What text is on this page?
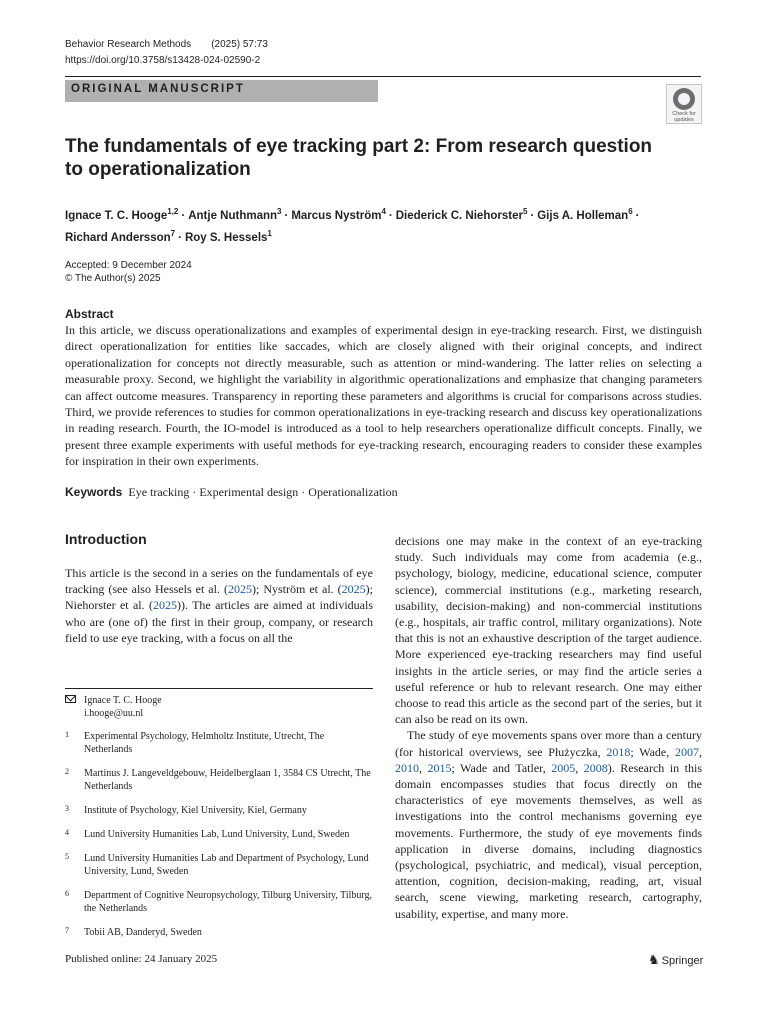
Behavior Research Methods (2025) 57:73
https://doi.org/10.3758/s13428-024-02590-2
ORIGINAL MANUSCRIPT
Check for
updates
The fundamentals of eye tracking part 2: From research question to operationalization
Ignace T. C. Hooge$^{1,2}$ · Antje Nuthmann$^3$ · Marcus Nyström$^4$ · Diederick C. Niehorster$^5$ · Gijs A. Holleman$^6$ ·
Richard Andersson$^7$ · Roy S. Hessels$^1$
Accepted: 9 December 2024
© The Author(s) 2025
Abstract

In this article, we discuss operationalizations and examples of experimental design in eye-tracking research. First, we distinguish direct operationalization for entities like saccades, which are closely aligned with their original concepts, and indirect operationalization for concepts not directly measurable, such as attention or mind-wandering. The latter relies on selecting a measurable proxy. Second, we highlight the variability in algorithmic operationalizations and emphasize that changing parameters can affect outcome measures. Transparency in reporting these parameters and algorithms is crucial for comparisons across studies. Third, we provide references to studies for common operationalizations in eye-tracking research and discuss key operationalizations in reading research. Fourth, the IO-model is introduced as a tool to help researchers operationalize difficult concepts. Finally, we present three example experiments with useful methods for eye-tracking research, encouraging readers to consider these examples for inspiration in their own experiments.

Keywords Eye tracking · Experimental design · Operationalization
Introduction

This article is the second in a series on the fundamentals of eye tracking (see also Hessels et al. (2025); Nyström et al. (2025); Niehorster et al. (2025)). The articles are aimed at individuals who are (one of) the first in their group, company, or research field to use eye tracking, with a focus on all the

Ignace T. C. Hooge
i.hooge@uu.nl
1 Experimental Psychology, Helmholtz Institute, Utrecht, The Netherlands
2 Martinus J. Langeveldgebouw, Heidelberglaan 1, 3584 CS Utrecht, The Netherlands
3 Institute of Psychology, Kiel University, Kiel, Germany
4 Lund University Humanities Lab, Lund University, Lund, Sweden
5 Lund University Humanities Lab and Department of Psychology, Lund University, Lund, Sweden
6 Department of Cognitive Neuropsychology, Tilburg University, Tilburg, the Netherlands
7 Tobii AB, Danderyd, Sweden

decisions one may make in the context of an eye-tracking study. Such individuals may come from academia (e.g., psychology, biology, medicine, educational science, computer science), commercial institutions (e.g., marketing research, usability, decision-making) and non-commercial institutions (e.g., hospitals, air traffic control, military organizations). Note that this is not an exhaustive description of the target audience. More experienced eye-tracking researchers may find useful insights in the article series, or may find the article series a useful reference or hub to relevant research. One may either choose to read this article as the second part of the series, but it can also be read on its own.

The study of eye movements spans over more than a century (for historical overviews, see Płużyczka, 2018; Wade, 2007, 2010, 2015; Wade and Tatler, 2005, 2008). Research in this domain encompasses studies that focus directly on the characteristics of eye movements themselves, as well as investigations into the control mechanisms governing eye movements. Furthermore, the study of eye movements finds application in diverse domains, including diagnostics (psychological, psychiatric, and medical), visual perception, attention, cognition, decision-making, reading, art, visual search, scene viewing, marketing research, cartography, usability, expertise, and many more.

Published online: 24 January 2025	♞ Springer
